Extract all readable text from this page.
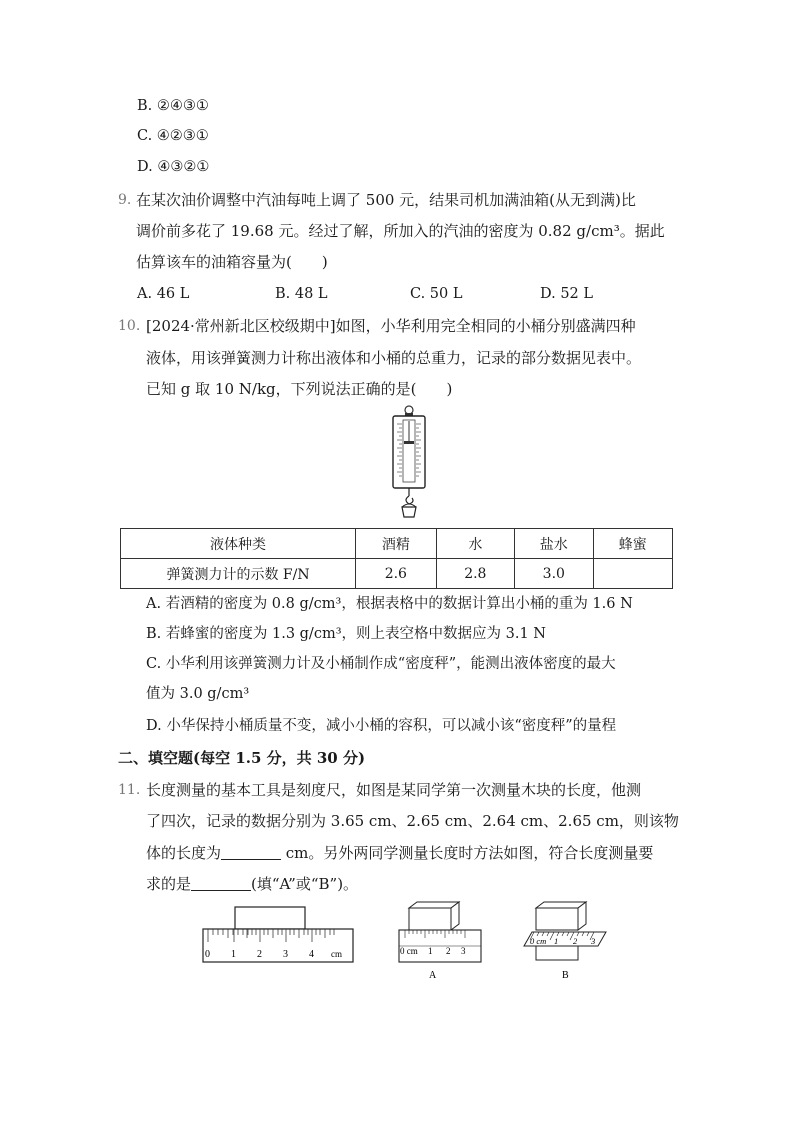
B. ②④③①
C. ④②③①
D. ④③②①
9. 在某次油价调整中汽油每吨上调了 500 元，结果司机加满油箱(从无到满)比
调价前多花了 19.68 元。经过了解，所加入的汽油的密度为 0.82 g/cm³。据此
估算该车的油箱容量为(　　)
A. 46 L	B. 48 L	C. 50 L	D. 52 L
10. [2024·常州新北区校级期中]如图，小华利用完全相同的小桶分别盛满四种
液体，用该弹簧测力计称出液体和小桶的总重力，记录的部分数据见表中。
已知 g 取 10 N/kg，下列说法正确的是(　　)
液体种类	酒精	水	盐水	蜂蜜
弹簧测力计的示数 F/N	2.6	2.8	3.0	
A. 若酒精的密度为 0.8 g/cm³，根据表格中的数据计算出小桶的重为 1.6 N
B. 若蜂蜜的密度为 1.3 g/cm³，则上表空格中数据应为 3.1 N
C. 小华利用该弹簧测力计及小桶制作成“密度秤”，能测出液体密度的最大
值为 3.0 g/cm³
D. 小华保持小桶质量不变，减小小桶的容积，可以减小该“密度秤”的量程
二、填空题(每空 1.5 分，共 30 分)
11. 长度测量的基本工具是刻度尺，如图是某同学第一次测量木块的长度，他测
了四次，记录的数据分别为 3.65 cm、2.65 cm、2.64 cm、2.65 cm，则该物
体的长度为	cm。另外两同学测量长度时方法如图，符合长度测量要
求的是	(填“A”或“B”)。
0 1 2 3 4 cm	0 cm 1 2 3
A
0 cm 1 2 3
B
